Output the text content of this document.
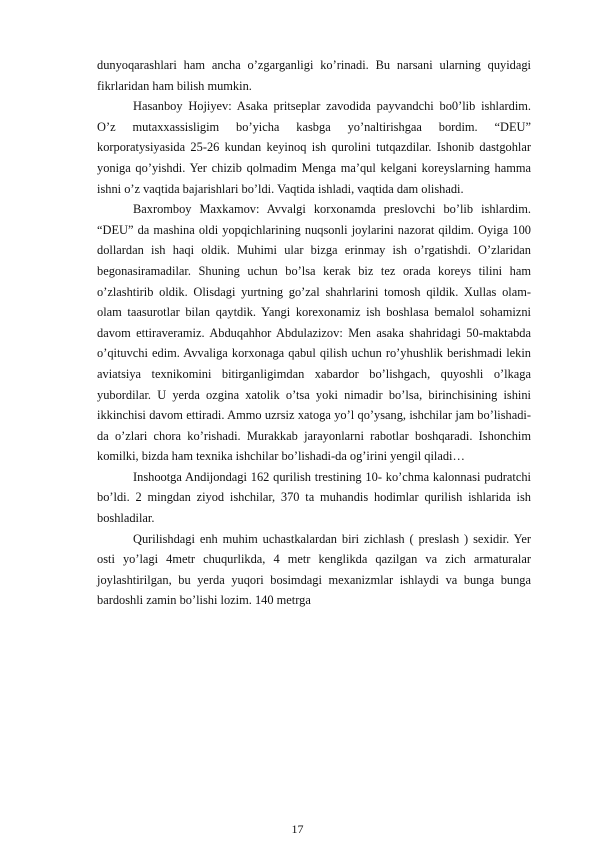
dunyoqarashlari ham ancha o’zgarganligi ko’rinadi. Bu narsani ularning quyidagi fikrlaridan ham bilish mumkin.

Hasanboy Hojiyev: Asaka pritseplar zavodida payvandchi bo0’lib ishlardim. O’z mutaxxassisligim bo’yicha kasbga yo’naltirishgaa bordim. “DEU” korporatysiyasida 25-26 kundan keyinoq ish qurolini tutqazdilar. Ishonib dastgohlar yoniga qo’yishdi. Yer chizib qolmadim Menga ma’qul kelgani koreyslarning hamma ishni o’z vaqtida bajarishlari bo’ldi. Vaqtida ishladi, vaqtida dam olishadi.

Baxromboy Maxkamov: Avvalgi korxonamda preslovchi bo’lib ishlardim. “DEU” da mashina oldi yopqichlarining nuqsonli joylarini nazorat qildim. Oyiga 100 dollardan ish haqi oldik. Muhimi ular bizga erinmay ish o’rgatishdi. O’zlaridan begonasiramadilar. Shuning uchun bo’lsa kerak biz tez orada koreys tilini ham o’zlashtirib oldik. Olisdagi yurtning go’zal shahrlarini tomosh qildik. Xullas olam-olam taasurotlar bilan qaytdik. Yangi korexonamiz ish boshlasa bemalol sohamizni davom ettiraveramiz. Abduqahhor Abdulazizov: Men asaka shahridagi 50-maktabda o’qituvchi edim. Avvaliga korxonaga qabul qilish uchun ro’yhushlik berishmadi lekin aviatsiya texnikomini bitirganligimdan xabardor bo’lishgach, quyoshli o’lkaga yubordilar. U yerda ozgina xatolik o’tsa yoki nimadir bo’lsa, birinchisining ishini ikkinchisi davom ettiradi. Ammo uzrsiz xatoga yo’l qo’ysang, ishchilar jam bo’lishadi-da o’zlari chora ko’rishadi. Murakkab jarayonlarni rabotlar boshqaradi. Ishonchim komilki, bizda ham texnika ishchilar bo’lishadi-da og’irini yengil qiladi…

Inshootga Andijondagi 162 qurilish trestining 10- ko’chma kalonnasi pudratchi bo’ldi. 2 mingdan ziyod ishchilar, 370 ta muhandis hodimlar qurilish ishlarida ish boshladilar.

Qurilishdagi enh muhim uchastkalardan biri zichlash ( preslash ) sexidir. Yer osti yo’lagi 4metr chuqurlikda, 4 metr kenglikda qazilgan va zich armaturalar joylashtirilgan, bu yerda yuqori bosimdagi mexanizmlar ishlaydi va bunga bunga bardoshli zamin bo’lishi lozim. 140 metrga

17
